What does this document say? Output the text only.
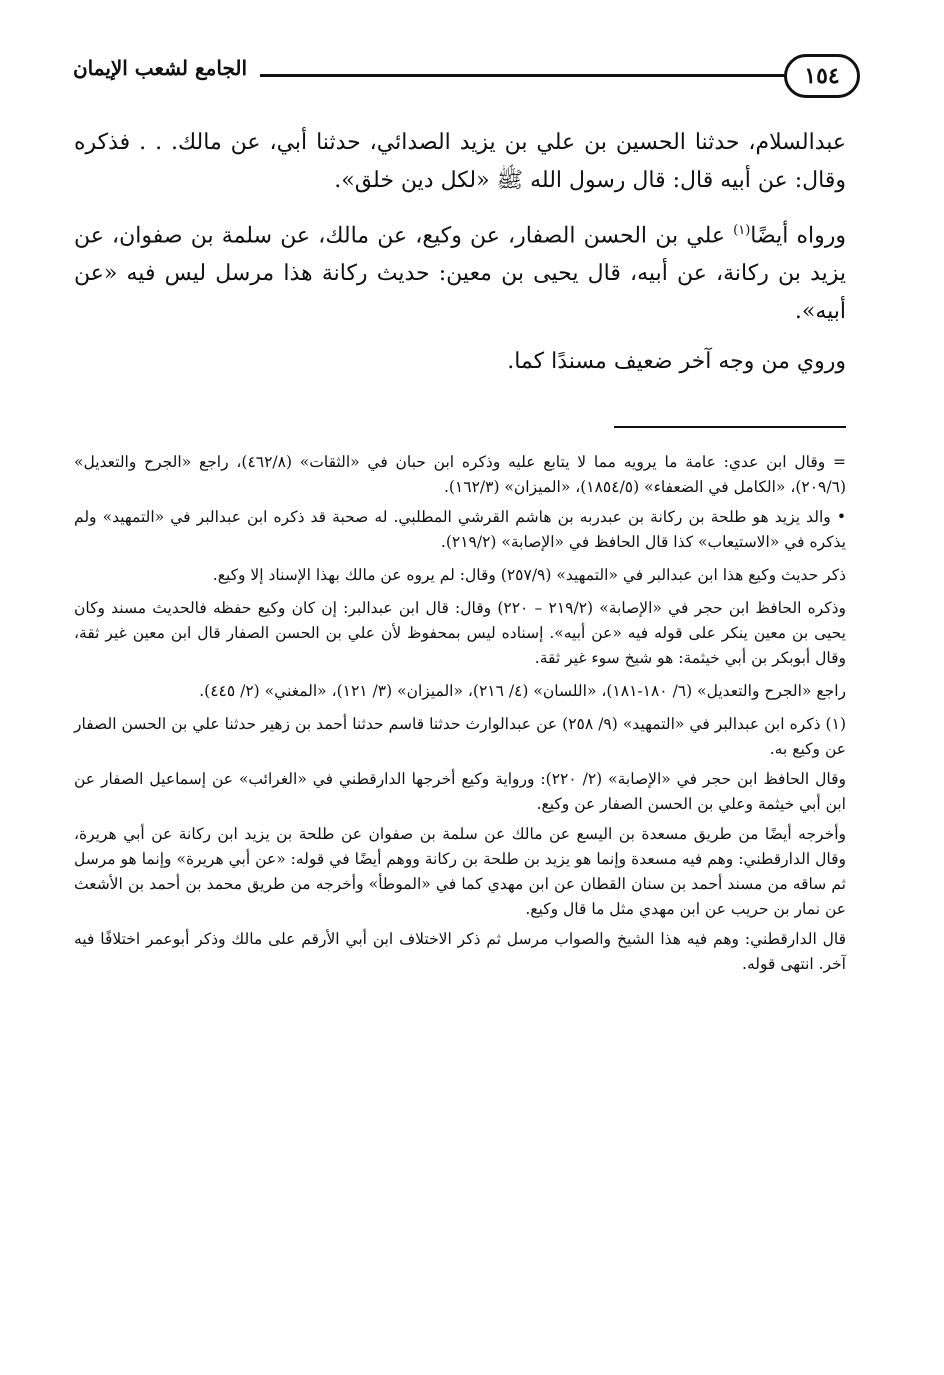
١٥٤
الجامع لشعب الإيمان

عبدالسلام، حدثنا الحسين بن علي بن يزيد الصدائي، حدثنا أبي، عن مالك. . . فذكره وقال: عن أبيه قال: قال رسول الله ﷺ «لكل دين خلق».

ورواه أيضًا$^{(١)}$ علي بن الحسن الصفار، عن وكيع، عن مالك، عن سلمة بن صفوان، عن يزيد بن ركانة، عن أبيه، قال يحيى بن معين: حديث ركانة هذا مرسل ليس فيه «عن أبيه».

وروي من وجه آخر ضعيف مسندًا كما.

= وقال ابن عدي: عامة ما يرويه مما لا يتابع عليه وذكره ابن حبان في «الثقات» (٤٦٢/٨)، راجع «الجرح والتعديل» (٢٠٩/٦)، «الكامل في الضعفاء» (١٨٥٤/٥)، «الميزان» (١٦٢/٣).

• والد يزيد هو طلحة بن ركانة بن عبدربه بن هاشم القرشي المطلبي. له صحبة قد ذكره ابن عبدالبر في «التمهيد» ولم يذكره في «الاستيعاب» كذا قال الحافظ في «الإصابة» (٢١٩/٢).

ذكر حديث وكيع هذا ابن عبدالبر في «التمهيد» (٢٥٧/٩) وقال: لم يروه عن مالك بهذا الإسناد إلا وكيع.

وذكره الحافظ ابن حجر في «الإصابة» (٢١٩/٢ – ٢٢٠) وقال: قال ابن عبدالبر: إن كان وكيع حفظه فالحديث مسند وكان يحيى بن معين ينكر على قوله فيه «عن أبيه». إسناده ليس بمحفوظ لأن علي بن الحسن الصفار قال ابن معين غير ثقة، وقال أبوبكر بن أبي خيثمة: هو شيخ سوء غير ثقة.

راجع «الجرح والتعديل» (٦/ ١٨٠-١٨١)، «اللسان» (٤/ ٢١٦)، «الميزان» (٣/ ١٢١)، «المغني» (٢/ ٤٤٥).

(١) ذكره ابن عبدالبر في «التمهيد» (٩/ ٢٥٨) عن عبدالوارث حدثنا قاسم حدثنا أحمد بن زهير حدثنا علي بن الحسن الصفار عن وكيع به.

وقال الحافظ ابن حجر في «الإصابة» (٢/ ٢٢٠): ورواية وكيع أخرجها الدارقطني في «الغرائب» عن إسماعيل الصفار عن ابن أبي خيثمة وعلي بن الحسن الصفار عن وكيع.

وأخرجه أيضًا من طريق مسعدة بن اليسع عن مالك عن سلمة بن صفوان عن طلحة بن يزيد ابن ركانة عن أبي هريرة، وقال الدارقطني: وهم فيه مسعدة وإنما هو يزيد بن طلحة بن ركانة ووهم أيضًا في قوله: «عن أبي هريرة» وإنما هو مرسل ثم ساقه من مسند أحمد بن سنان القطان عن ابن مهدي كما في «الموطأ» وأخرجه من طريق محمد بن أحمد بن الأشعث عن نمار بن حريب عن ابن مهدي مثل ما قال وكيع.

قال الدارقطني: وهم فيه هذا الشيخ والصواب مرسل ثم ذكر الاختلاف ابن أبي الأرقم على مالك وذكر أبوعمر اختلافًا فيه آخر. انتهى قوله.
